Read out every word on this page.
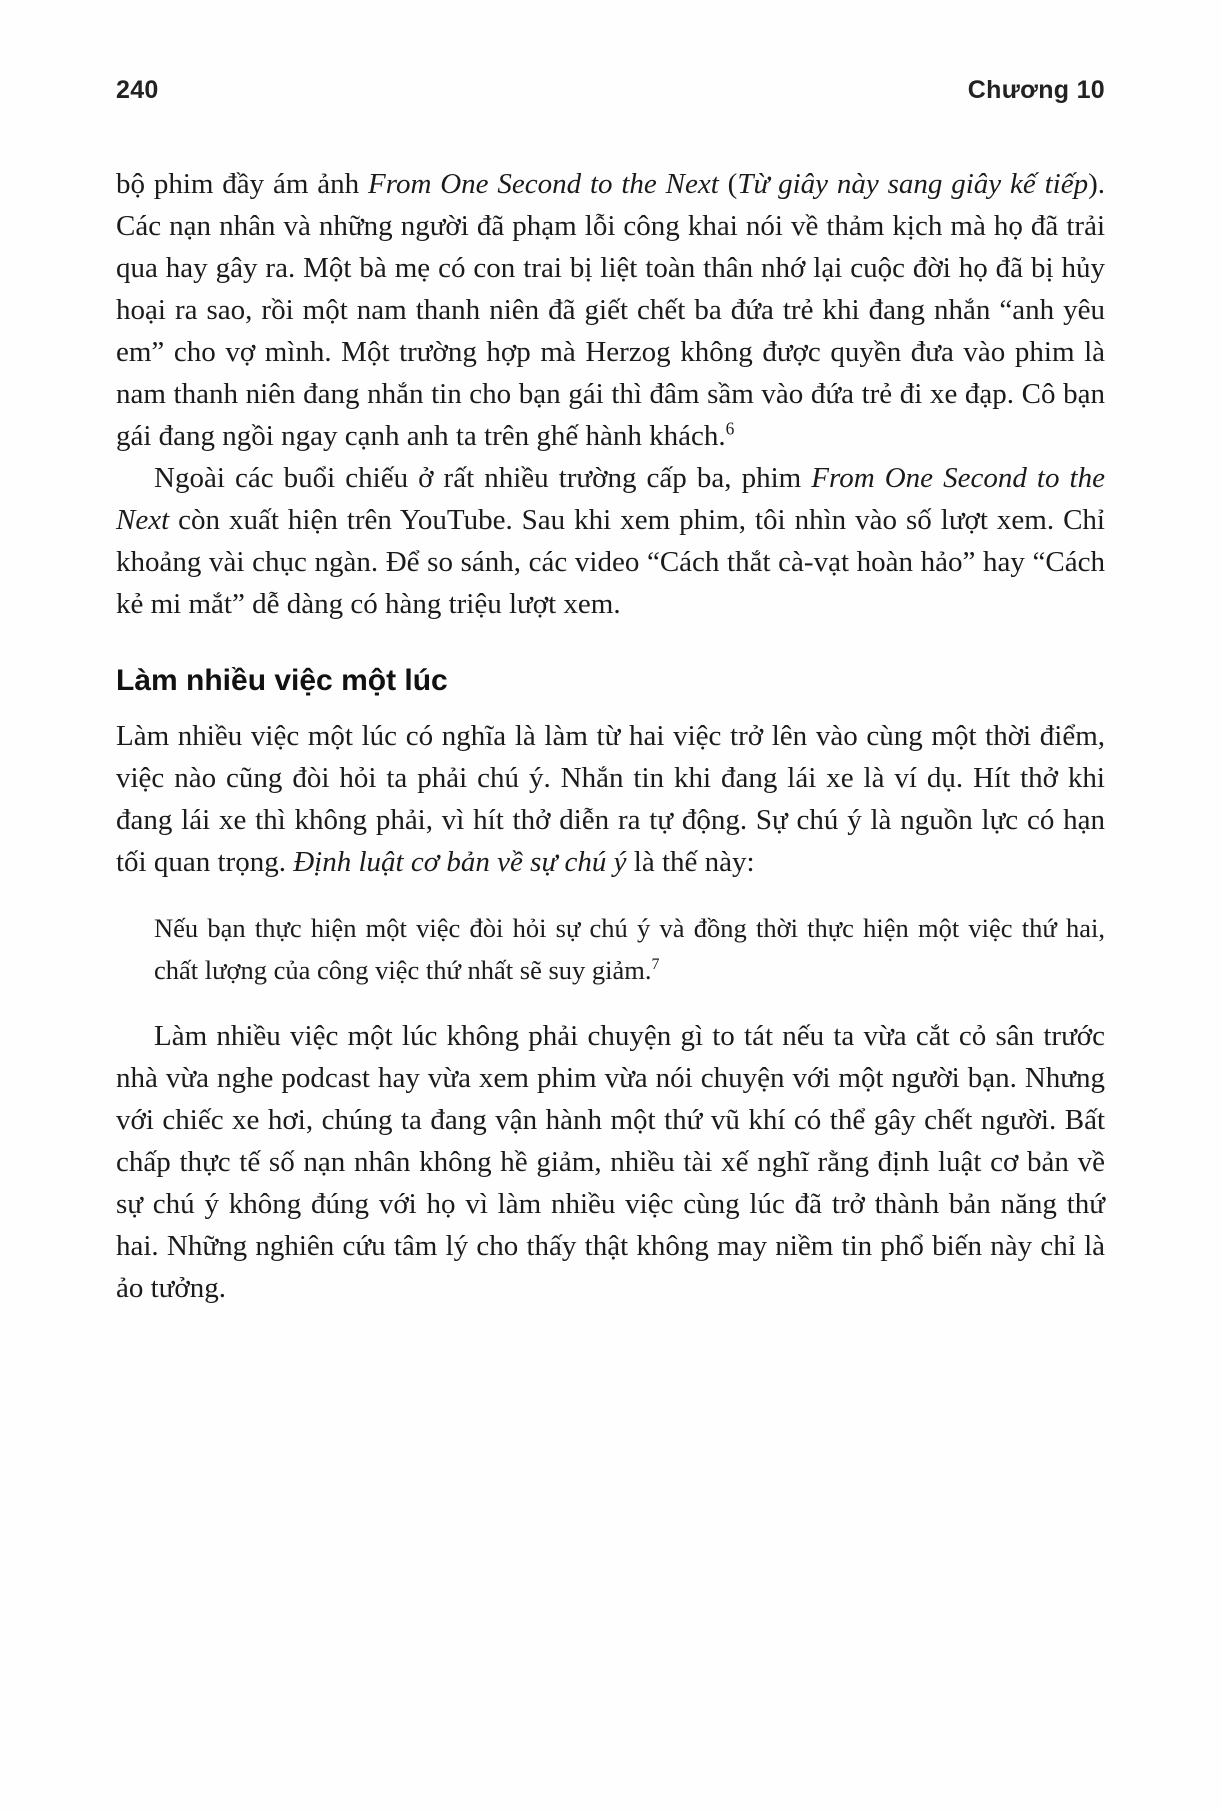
240	Chương 10

bộ phim đầy ám ảnh From One Second to the Next (Từ giây này sang giây kế tiếp). Các nạn nhân và những người đã phạm lỗi công khai nói về thảm kịch mà họ đã trải qua hay gây ra. Một bà mẹ có con trai bị liệt toàn thân nhớ lại cuộc đời họ đã bị hủy hoại ra sao, rồi một nam thanh niên đã giết chết ba đứa trẻ khi đang nhắn “anh yêu em” cho vợ mình. Một trường hợp mà Herzog không được quyền đưa vào phim là nam thanh niên đang nhắn tin cho bạn gái thì đâm sầm vào đứa trẻ đi xe đạp. Cô bạn gái đang ngồi ngay cạnh anh ta trên ghế hành khách.$^6$

Ngoài các buổi chiếu ở rất nhiều trường cấp ba, phim From One Second to the Next còn xuất hiện trên YouTube. Sau khi xem phim, tôi nhìn vào số lượt xem. Chỉ khoảng vài chục ngàn. Để so sánh, các video “Cách thắt cà-vạt hoàn hảo” hay “Cách kẻ mi mắt” dễ dàng có hàng triệu lượt xem.

Làm nhiều việc một lúc

Làm nhiều việc một lúc có nghĩa là làm từ hai việc trở lên vào cùng một thời điểm, việc nào cũng đòi hỏi ta phải chú ý. Nhắn tin khi đang lái xe là ví dụ. Hít thở khi đang lái xe thì không phải, vì hít thở diễn ra tự động. Sự chú ý là nguồn lực có hạn tối quan trọng. Định luật cơ bản về sự chú ý là thế này:

Nếu bạn thực hiện một việc đòi hỏi sự chú ý và đồng thời thực hiện một việc thứ hai, chất lượng của công việc thứ nhất sẽ suy giảm.$^7$

Làm nhiều việc một lúc không phải chuyện gì to tát nếu ta vừa cắt cỏ sân trước nhà vừa nghe podcast hay vừa xem phim vừa nói chuyện với một người bạn. Nhưng với chiếc xe hơi, chúng ta đang vận hành một thứ vũ khí có thể gây chết người. Bất chấp thực tế số nạn nhân không hề giảm, nhiều tài xế nghĩ rằng định luật cơ bản về sự chú ý không đúng với họ vì làm nhiều việc cùng lúc đã trở thành bản năng thứ hai. Những nghiên cứu tâm lý cho thấy thật không may niềm tin phổ biến này chỉ là ảo tưởng.
